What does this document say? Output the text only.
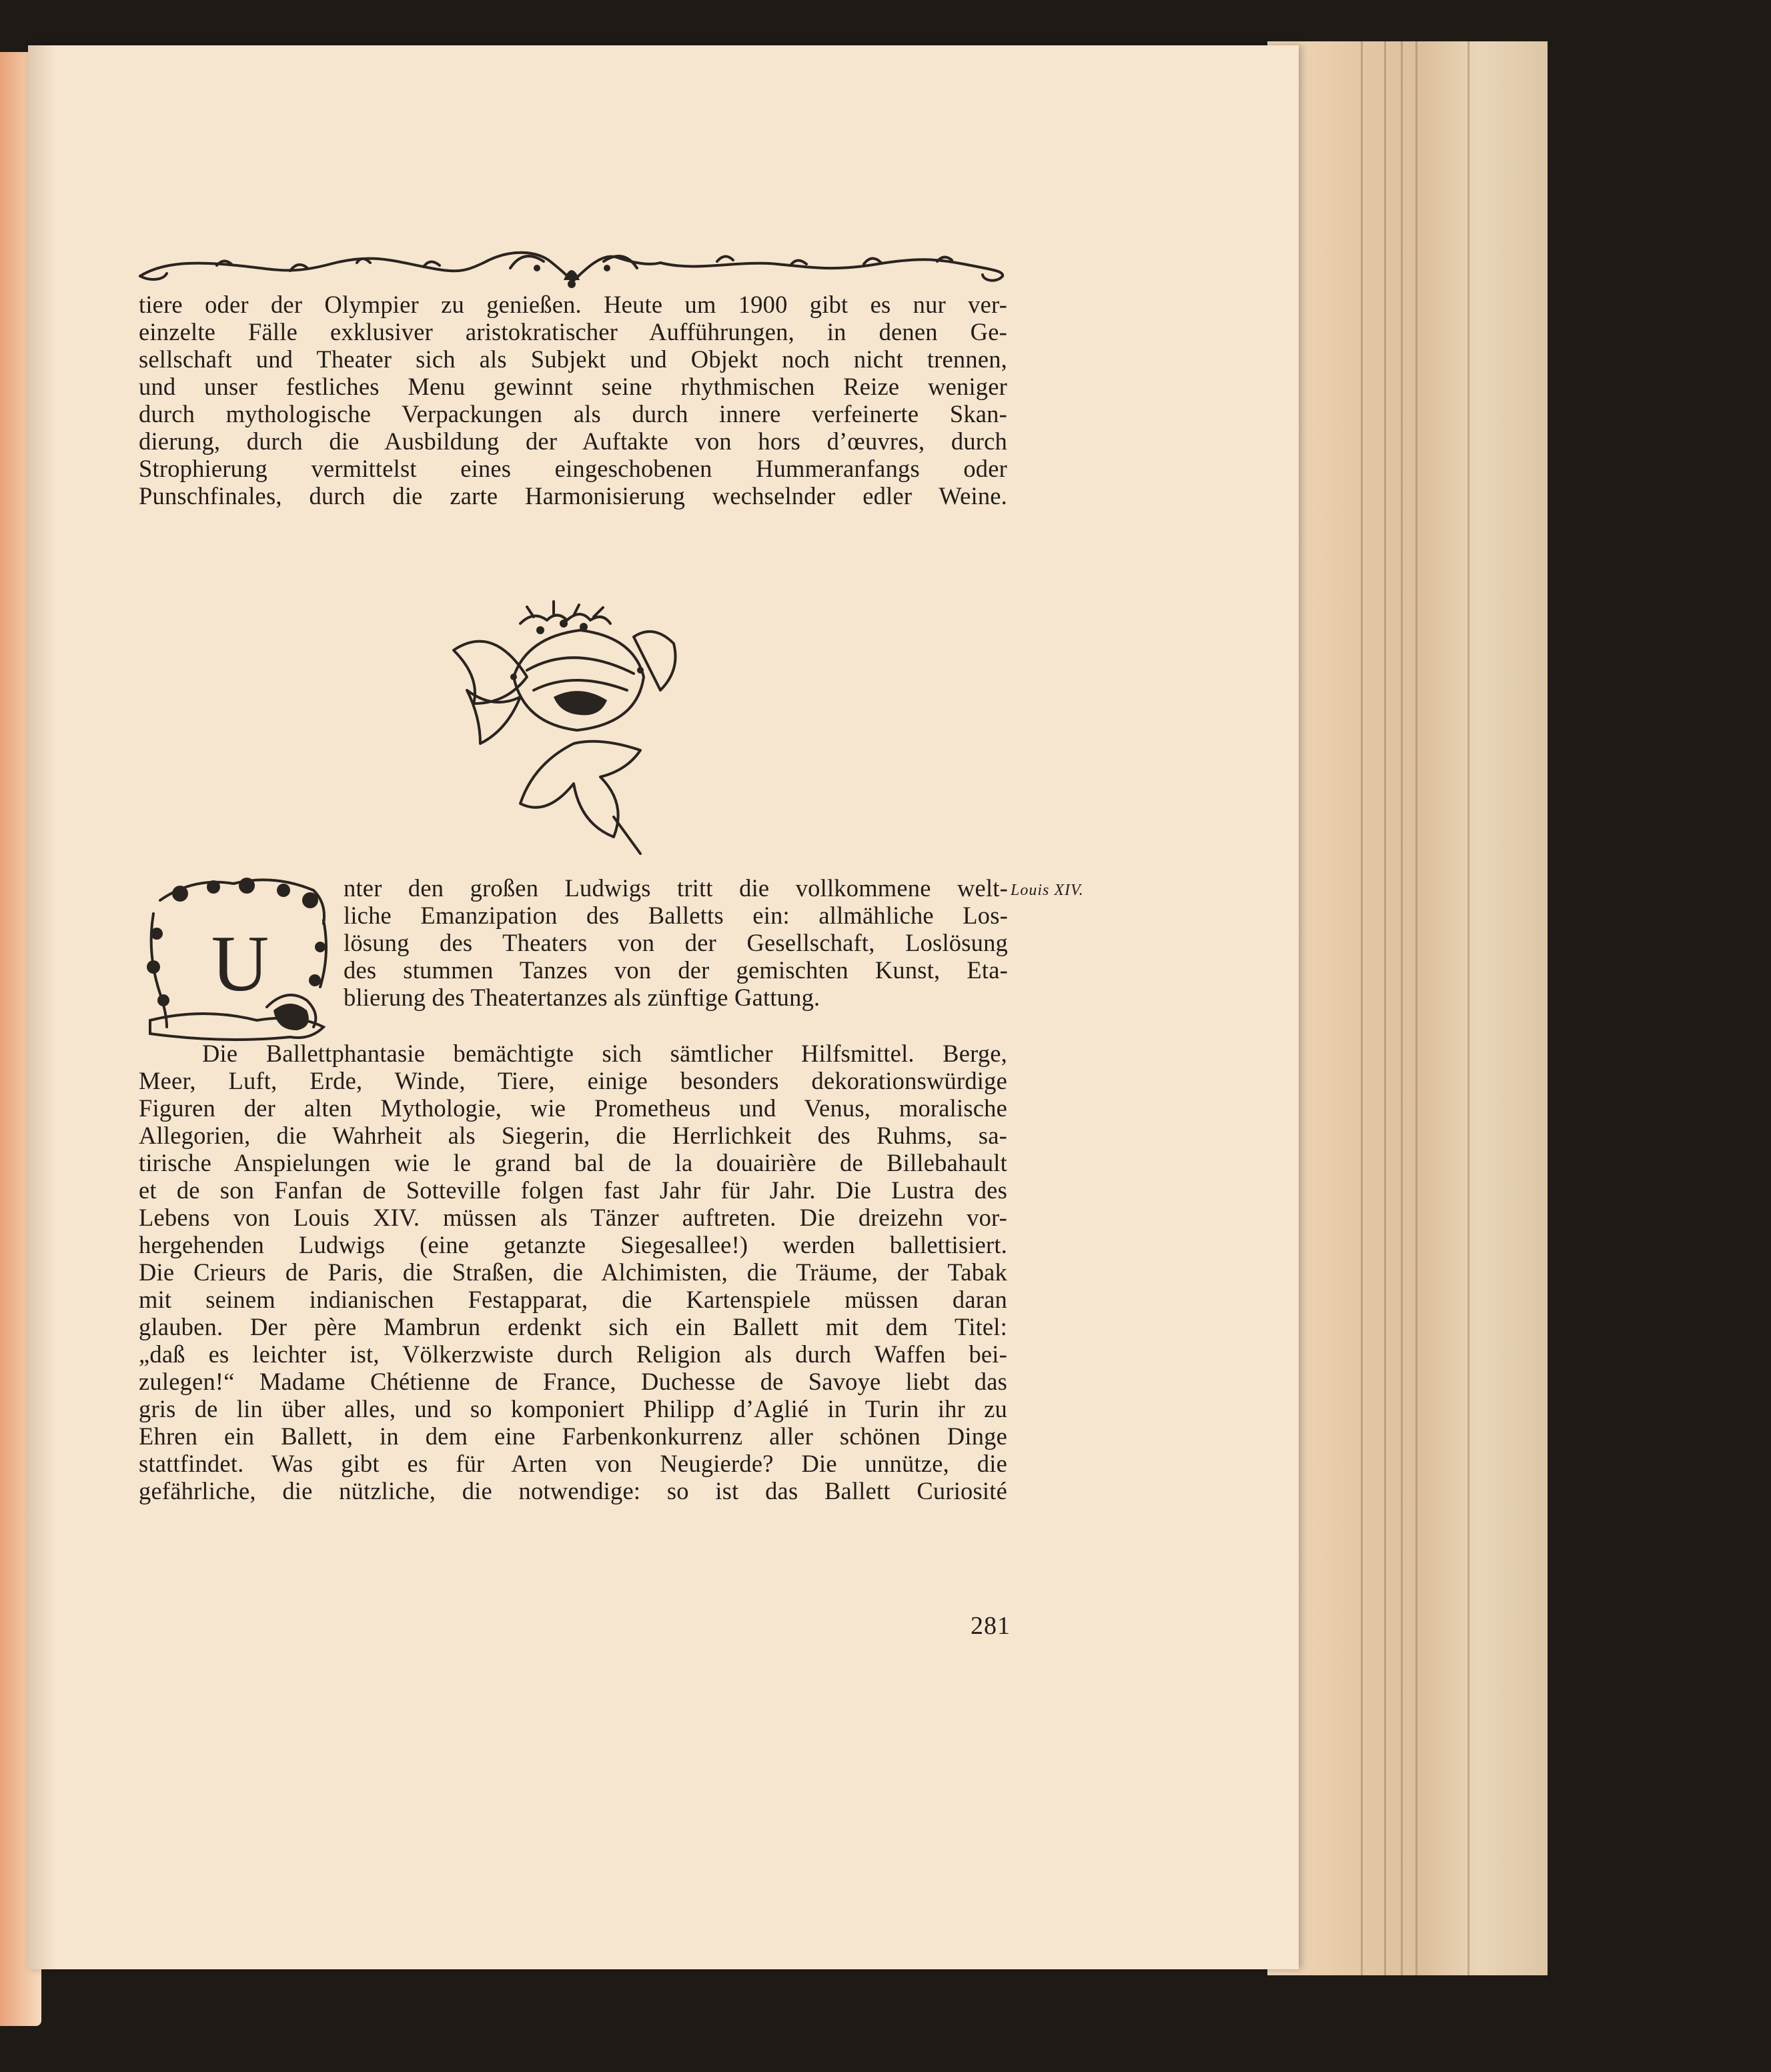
tiere oder der Olympier zu genießen. Heute um 1900 gibt es nur ver-
einzelte Fälle exklusiver aristokratischer Aufführungen, in denen Ge-
sellschaft und Theater sich als Subjekt und Objekt noch nicht trennen,
und unser festliches Menu gewinnt seine rhythmischen Reize weniger
durch mythologische Verpackungen als durch innere verfeinerte Skan-
dierung, durch die Ausbildung der Auftakte von hors d’œuvres, durch
Strophierung vermittelst eines eingeschobenen Hummeranfangs oder
Punschfinales, durch die zarte Harmonisierung wechselnder edler Weine.
U
nter den großen Ludwigs tritt die vollkommene welt-
liche Emanzipation des Balletts ein: allmähliche Los-
lösung des Theaters von der Gesellschaft, Loslösung
des stummen Tanzes von der gemischten Kunst, Eta-
blierung des Theatertanzes als zünftige Gattung.
Louis XIV.
Die Ballettphantasie bemächtigte sich sämtlicher Hilfsmittel. Berge,
Meer, Luft, Erde, Winde, Tiere, einige besonders dekorationswürdige
Figuren der alten Mythologie, wie Prometheus und Venus, moralische
Allegorien, die Wahrheit als Siegerin, die Herrlichkeit des Ruhms, sa-
tirische Anspielungen wie le grand bal de la douairière de Billebahault
et de son Fanfan de Sotteville folgen fast Jahr für Jahr. Die Lustra des
Lebens von Louis XIV. müssen als Tänzer auftreten. Die dreizehn vor-
hergehenden Ludwigs (eine getanzte Siegesallee!) werden ballettisiert.
Die Crieurs de Paris, die Straßen, die Alchimisten, die Träume, der Tabak
mit seinem indianischen Festapparat, die Kartenspiele müssen daran
glauben. Der père Mambrun erdenkt sich ein Ballett mit dem Titel:
„daß es leichter ist, Völkerzwiste durch Religion als durch Waffen bei-
zulegen!“ Madame Chétienne de France, Duchesse de Savoye liebt das
gris de lin über alles, und so komponiert Philipp d’Aglié in Turin ihr zu
Ehren ein Ballett, in dem eine Farbenkonkurrenz aller schönen Dinge
stattfindet. Was gibt es für Arten von Neugierde? Die unnütze, die
gefährliche, die nützliche, die notwendige: so ist das Ballett Curiosité
281
